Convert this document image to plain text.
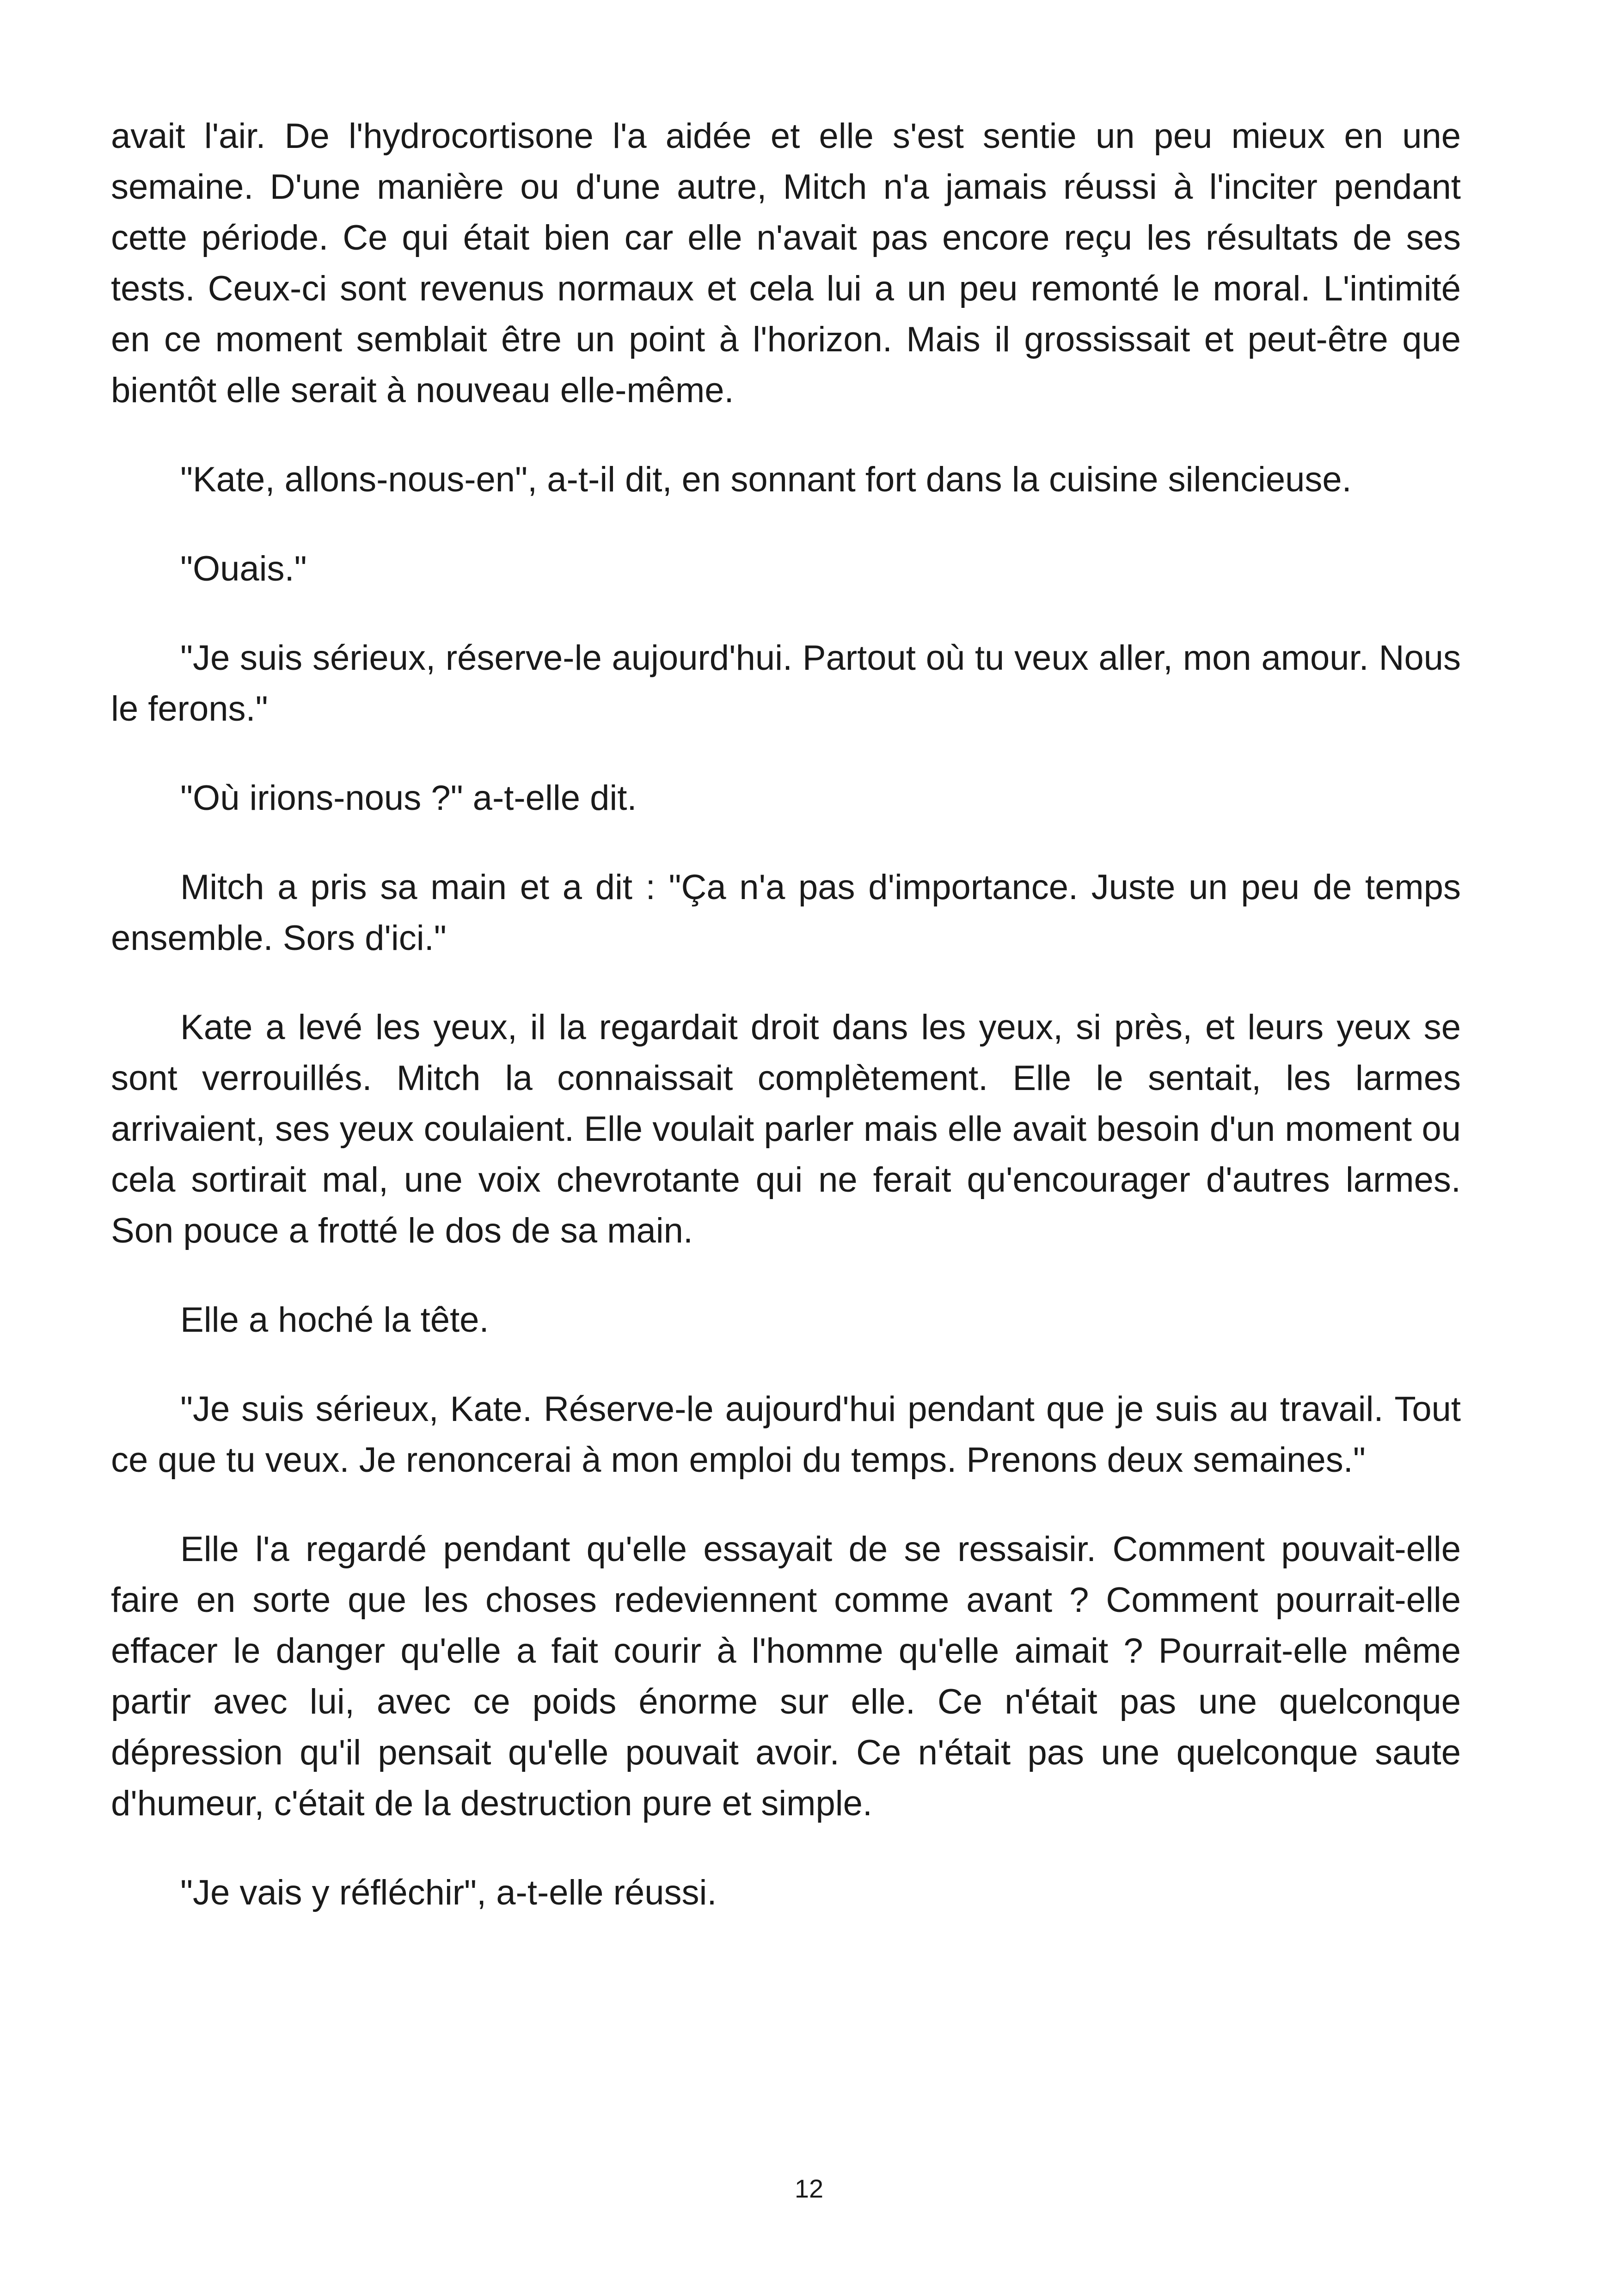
avait l'air. De l'hydrocortisone l'a aidée et elle s'est sentie un peu mieux en une semaine. D'une manière ou d'une autre, Mitch n'a jamais réussi à l'inciter pendant cette période. Ce qui était bien car elle n'avait pas encore reçu les résultats de ses tests. Ceux-ci sont revenus normaux et cela lui a un peu remonté le moral. L'intimité en ce moment semblait être un point à l'horizon. Mais il grossissait et peut-être que bientôt elle serait à nouveau elle-même.

"Kate, allons-nous-en", a-t-il dit, en sonnant fort dans la cuisine silencieuse.

"Ouais."

"Je suis sérieux, réserve-le aujourd'hui. Partout où tu veux aller, mon amour. Nous le ferons."

"Où irions-nous ?" a-t-elle dit.

Mitch a pris sa main et a dit : "Ça n'a pas d'importance. Juste un peu de temps ensemble. Sors d'ici."

Kate a levé les yeux, il la regardait droit dans les yeux, si près, et leurs yeux se sont verrouillés. Mitch la connaissait complètement. Elle le sentait, les larmes arrivaient, ses yeux coulaient. Elle voulait parler mais elle avait besoin d'un moment ou cela sortirait mal, une voix chevrotante qui ne ferait qu'encourager d'autres larmes. Son pouce a frotté le dos de sa main.

Elle a hoché la tête.

"Je suis sérieux, Kate. Réserve-le aujourd'hui pendant que je suis au travail. Tout ce que tu veux. Je renoncerai à mon emploi du temps. Prenons deux semaines."

Elle l'a regardé pendant qu'elle essayait de se ressaisir. Comment pouvait-elle faire en sorte que les choses redeviennent comme avant ? Comment pourrait-elle effacer le danger qu'elle a fait courir à l'homme qu'elle aimait ? Pourrait-elle même partir avec lui, avec ce poids énorme sur elle. Ce n'était pas une quelconque dépression qu'il pensait qu'elle pouvait avoir. Ce n'était pas une quelconque saute d'humeur, c'était de la destruction pure et simple.

"Je vais y réfléchir", a-t-elle réussi.

12
